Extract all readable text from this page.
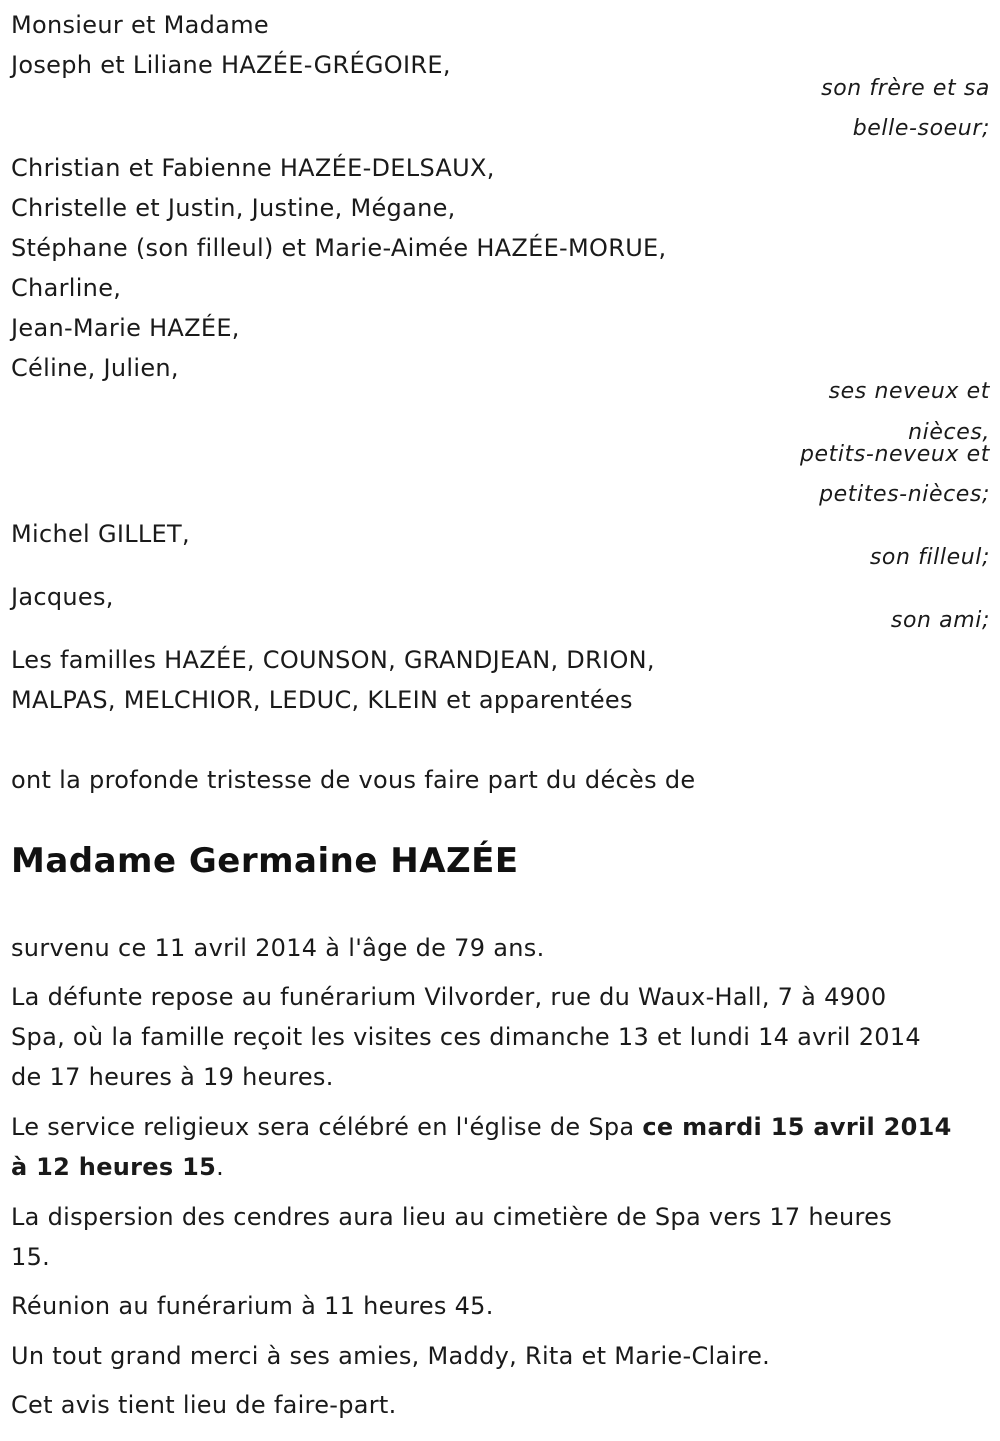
Monsieur et Madame
Joseph et Liliane HAZÉE-GRÉGOIRE,
son frère et sa
belle-soeur;
Christian et Fabienne HAZÉE-DELSAUX,
Christelle et Justin, Justine, Mégane,
Stéphane (son filleul) et Marie-Aimée HAZÉE-MORUE,
Charline,
Jean-Marie HAZÉE,
Céline, Julien,
ses neveux et
nièces,
petits-neveux et
petites-nièces;
Michel GILLET,
son filleul;
Jacques,
son ami;
Les familles HAZÉE, COUNSON, GRANDJEAN, DRION,
MALPAS, MELCHIOR, LEDUC, KLEIN et apparentées
ont la profonde tristesse de vous faire part du décès de
Madame Germaine HAZÉE
survenu ce 11 avril 2014 à l'âge de 79 ans.
La défunte repose au funérarium Vilvorder, rue du Waux-Hall, 7 à 4900
Spa, où la famille reçoit les visites ces dimanche 13 et lundi 14 avril 2014
de 17 heures à 19 heures.
Le service religieux sera célébré en l'église de Spa ce mardi 15 avril 2014
à 12 heures 15.
La dispersion des cendres aura lieu au cimetière de Spa vers 17 heures
15.
Réunion au funérarium à 11 heures 45.
Un tout grand merci à ses amies, Maddy, Rita et Marie-Claire.
Cet avis tient lieu de faire-part.
